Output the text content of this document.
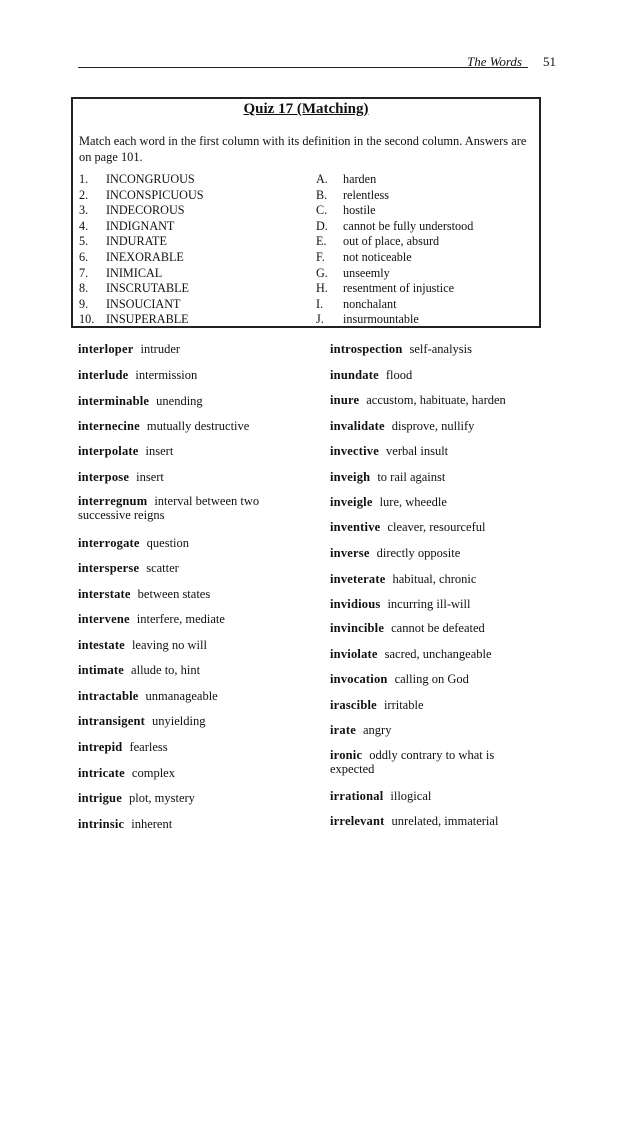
The Words 51
Quiz 17 (Matching)
Match each word in the first column with its definition in the second column. Answers are on page 101.
1. INCONGRUOUS
2. INCONSPICUOUS
3. INDECOROUS
4. INDIGNANT
5. INDURATE
6. INEXORABLE
7. INIMICAL
8. INSCRUTABLE
9. INSOUCIANT
10. INSUPERABLE
A. harden
B. relentless
C. hostile
D. cannot be fully understood
E. out of place, absurd
F. not noticeable
G. unseemly
H. resentment of injustice
I. nonchalant
J. insurmountable
interloper intruder
interlude intermission
interminable unending
internecine mutually destructive
interpolate insert
interpose insert
interregnum interval between two successive reigns
interrogate question
intersperse scatter
interstate between states
intervene interfere, mediate
intestate leaving no will
intimate allude to, hint
intractable unmanageable
intransigent unyielding
intrepid fearless
intricate complex
intrigue plot, mystery
intrinsic inherent
introspection self-analysis
inundate flood
inure accustom, habituate, harden
invalidate disprove, nullify
invective verbal insult
inveigh to rail against
inveigle lure, wheedle
inventive cleaver, resourceful
inverse directly opposite
inveterate habitual, chronic
invidious incurring ill-will
invincible cannot be defeated
inviolate sacred, unchangeable
invocation calling on God
irascible irritable
irate angry
ironic oddly contrary to what is expected
irrational illogical
irrelevant unrelated, immaterial
